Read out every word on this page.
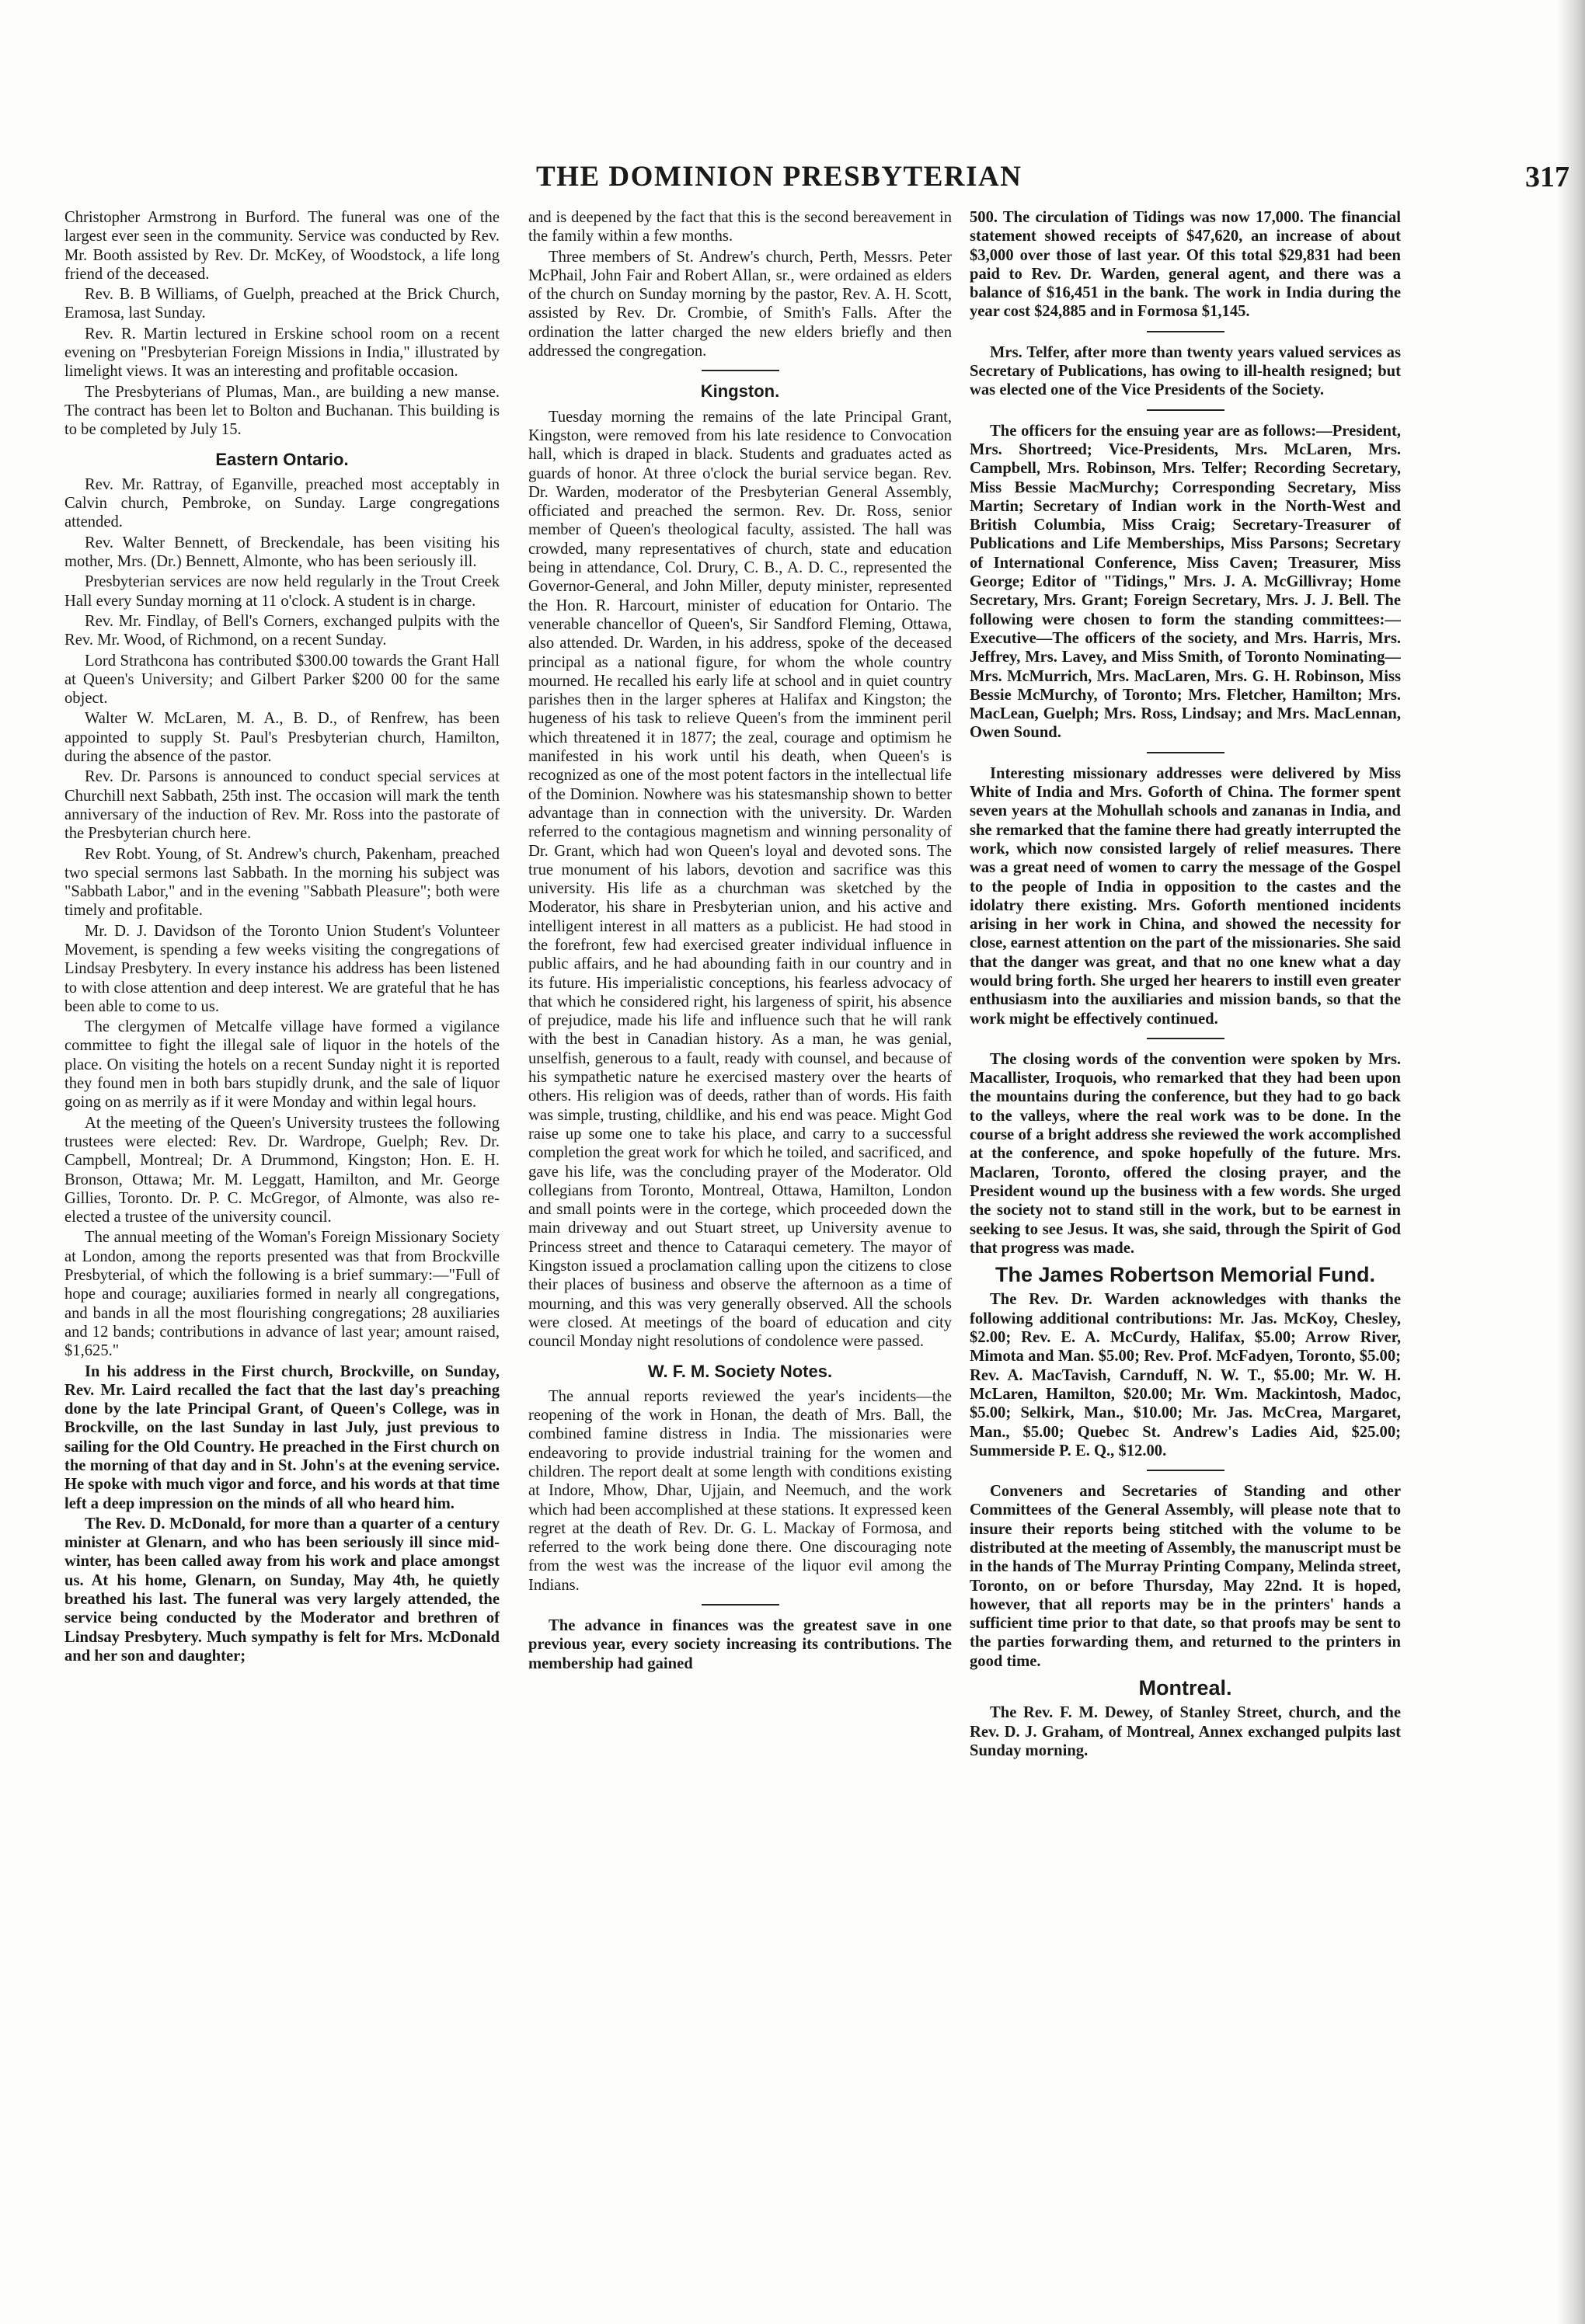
THE DOMINION PRESBYTERIAN	317

Christopher Armstrong in Burford. The funeral was one of the largest ever seen in the community. Service was conducted by Rev. Mr. Booth assisted by Rev. Dr. McKey, of Woodstock, a life long friend of the deceased.

Rev. B. B Williams, of Guelph, preached at the Brick Church, Eramosa, last Sunday.

Rev. R. Martin lectured in Erskine school room on a recent evening on "Presbyterian Foreign Missions in India," illustrated by limelight views. It was an interesting and profitable occasion.

The Presbyterians of Plumas, Man., are building a new manse. The contract has been let to Bolton and Buchanan. This building is to be completed by July 15.

Eastern Ontario.

Rev. Mr. Rattray, of Eganville, preached most acceptably in Calvin church, Pembroke, on Sunday. Large congregations attended.

Rev. Walter Bennett, of Breckendale, has been visiting his mother, Mrs. (Dr.) Bennett, Almonte, who has been seriously ill.

Presbyterian services are now held regularly in the Trout Creek Hall every Sunday morning at 11 o'clock. A student is in charge.

Rev. Mr. Findlay, of Bell's Corners, exchanged pulpits with the Rev. Mr. Wood, of Richmond, on a recent Sunday.

Lord Strathcona has contributed $300.00 towards the Grant Hall at Queen's University; and Gilbert Parker $200 00 for the same object.

Walter W. McLaren, M. A., B. D., of Renfrew, has been appointed to supply St. Paul's Presbyterian church, Hamilton, during the absence of the pastor.

Rev. Dr. Parsons is announced to conduct special services at Churchill next Sabbath, 25th inst. The occasion will mark the tenth anniversary of the induction of Rev. Mr. Ross into the pastorate of the Presbyterian church here.

Rev Robt. Young, of St. Andrew's church, Pakenham, preached two special sermons last Sabbath. In the morning his subject was "Sabbath Labor," and in the evening "Sabbath Pleasure"; both were timely and profitable.

Mr. D. J. Davidson of the Toronto Union Student's Volunteer Movement, is spending a few weeks visiting the congregations of Lindsay Presbytery. In every instance his address has been listened to with close attention and deep interest. We are grateful that he has been able to come to us.

The clergymen of Metcalfe village have formed a vigilance committee to fight the illegal sale of liquor in the hotels of the place. On visiting the hotels on a recent Sunday night it is reported they found men in both bars stupidly drunk, and the sale of liquor going on as merrily as if it were Monday and within legal hours.

At the meeting of the Queen's University trustees the following trustees were elected: Rev. Dr. Wardrope, Guelph; Rev. Dr. Campbell, Montreal; Dr. A Drummond, Kingston; Hon. E. H. Bronson, Ottawa; Mr. M. Leggatt, Hamilton, and Mr. George Gillies, Toronto. Dr. P. C. McGregor, of Almonte, was also re-elected a trustee of the university council.

The annual meeting of the Woman's Foreign Missionary Society at London, among the reports presented was that from Brockville Presbyterial, of which the following is a brief summary:—"Full of hope and courage; auxiliaries formed in nearly all congregations, and bands in all the most flourishing congregations; 28 auxiliaries and 12 bands; contributions in advance of last year; amount raised, $1,625."

In his address in the First church, Brockville, on Sunday, Rev. Mr. Laird recalled the fact that the last day's preaching done by the late Principal Grant, of Queen's College, was in Brockville, on the last Sunday in last July, just previous to sailing for the Old Country. He preached in the First church on the morning of that day and in St. John's at the evening service. He spoke with much vigor and force, and his words at that time left a deep impression on the minds of all who heard him.

The Rev. D. McDonald, for more than a quarter of a century minister at Glenarn, and who has been seriously ill since mid-winter, has been called away from his work and place amongst us. At his home, Glenarn, on Sunday, May 4th, he quietly breathed his last. The funeral was very largely attended, the service being conducted by the Moderator and brethren of Lindsay Presbytery. Much sympathy is felt for Mrs. McDonald and her son and daughter;

and is deepened by the fact that this is the second bereavement in the family within a few months.

Three members of St. Andrew's church, Perth, Messrs. Peter McPhail, John Fair and Robert Allan, sr., were ordained as elders of the church on Sunday morning by the pastor, Rev. A. H. Scott, assisted by Rev. Dr. Crombie, of Smith's Falls. After the ordination the latter charged the new elders briefly and then addressed the congregation.

Kingston.

Tuesday morning the remains of the late Principal Grant, Kingston, were removed from his late residence to Convocation hall, which is draped in black. Students and graduates acted as guards of honor. At three o'clock the burial service began. Rev. Dr. Warden, moderator of the Presbyterian General Assembly, officiated and preached the sermon. Rev. Dr. Ross, senior member of Queen's theological faculty, assisted. The hall was crowded, many representatives of church, state and education being in attendance, Col. Drury, C. B., A. D. C., represented the Governor-General, and John Miller, deputy minister, represented the Hon. R. Harcourt, minister of education for Ontario. The venerable chancellor of Queen's, Sir Sandford Fleming, Ottawa, also attended. Dr. Warden, in his address, spoke of the deceased principal as a national figure, for whom the whole country mourned. He recalled his early life at school and in quiet country parishes then in the larger spheres at Halifax and Kingston; the hugeness of his task to relieve Queen's from the imminent peril which threatened it in 1877; the zeal, courage and optimism he manifested in his work until his death, when Queen's is recognized as one of the most potent factors in the intellectual life of the Dominion. Nowhere was his statesmanship shown to better advantage than in connection with the university. Dr. Warden referred to the contagious magnetism and winning personality of Dr. Grant, which had won Queen's loyal and devoted sons. The true monument of his labors, devotion and sacrifice was this university. His life as a churchman was sketched by the Moderator, his share in Presbyterian union, and his active and intelligent interest in all matters as a publicist. He had stood in the forefront, few had exercised greater individual influence in public affairs, and he had abounding faith in our country and in its future. His imperialistic conceptions, his fearless advocacy of that which he considered right, his largeness of spirit, his absence of prejudice, made his life and influence such that he will rank with the best in Canadian history. As a man, he was genial, unselfish, generous to a fault, ready with counsel, and because of his sympathetic nature he exercised mastery over the hearts of others. His religion was of deeds, rather than of words. His faith was simple, trusting, childlike, and his end was peace. Might God raise up some one to take his place, and carry to a successful completion the great work for which he toiled, and sacrificed, and gave his life, was the concluding prayer of the Moderator. Old collegians from Toronto, Montreal, Ottawa, Hamilton, London and small points were in the cortege, which proceeded down the main driveway and out Stuart street, up University avenue to Princess street and thence to Cataraqui cemetery. The mayor of Kingston issued a proclamation calling upon the citizens to close their places of business and observe the afternoon as a time of mourning, and this was very generally observed. All the schools were closed. At meetings of the board of education and city council Monday night resolutions of condolence were passed.

W. F. M. Society Notes.

The annual reports reviewed the year's incidents—the reopening of the work in Honan, the death of Mrs. Ball, the combined famine distress in India. The missionaries were endeavoring to provide industrial training for the women and children. The report dealt at some length with conditions existing at Indore, Mhow, Dhar, Ujjain, and Neemuch, and the work which had been accomplished at these stations. It expressed keen regret at the death of Rev. Dr. G. L. Mackay of Formosa, and referred to the work being done there. One discouraging note from the west was the increase of the liquor evil among the Indians.

The advance in finances was the greatest save in one previous year, every society increasing its contributions. The membership had gained

500. The circulation of Tidings was now 17,000. The financial statement showed receipts of $47,620, an increase of about $3,000 over those of last year. Of this total $29,831 had been paid to Rev. Dr. Warden, general agent, and there was a balance of $16,451 in the bank. The work in India during the year cost $24,885 and in Formosa $1,145.

Mrs. Telfer, after more than twenty years valued services as Secretary of Publications, has owing to ill-health resigned; but was elected one of the Vice Presidents of the Society.

The officers for the ensuing year are as follows:—President, Mrs. Shortreed; Vice-Presidents, Mrs. McLaren, Mrs. Campbell, Mrs. Robinson, Mrs. Telfer; Recording Secretary, Miss Bessie MacMurchy; Corresponding Secretary, Miss Martin; Secretary of Indian work in the North-West and British Columbia, Miss Craig; Secretary-Treasurer of Publications and Life Memberships, Miss Parsons; Secretary of International Conference, Miss Caven; Treasurer, Miss George; Editor of "Tidings," Mrs. J. A. McGillivray; Home Secretary, Mrs. Grant; Foreign Secretary, Mrs. J. J. Bell. The following were chosen to form the standing committees:—Executive—The officers of the society, and Mrs. Harris, Mrs. Jeffrey, Mrs. Lavey, and Miss Smith, of Toronto Nominating—Mrs. McMurrich, Mrs. MacLaren, Mrs. G. H. Robinson, Miss Bessie McMurchy, of Toronto; Mrs. Fletcher, Hamilton; Mrs. MacLean, Guelph; Mrs. Ross, Lindsay; and Mrs. MacLennan, Owen Sound.

Interesting missionary addresses were delivered by Miss White of India and Mrs. Goforth of China. The former spent seven years at the Mohullah schools and zananas in India, and she remarked that the famine there had greatly interrupted the work, which now consisted largely of relief measures. There was a great need of women to carry the message of the Gospel to the people of India in opposition to the castes and the idolatry there existing. Mrs. Goforth mentioned incidents arising in her work in China, and showed the necessity for close, earnest attention on the part of the missionaries. She said that the danger was great, and that no one knew what a day would bring forth. She urged her hearers to instill even greater enthusiasm into the auxiliaries and mission bands, so that the work might be effectively continued.

The closing words of the convention were spoken by Mrs. Macallister, Iroquois, who remarked that they had been upon the mountains during the conference, but they had to go back to the valleys, where the real work was to be done. In the course of a bright address she reviewed the work accomplished at the conference, and spoke hopefully of the future. Mrs. Maclaren, Toronto, offered the closing prayer, and the President wound up the business with a few words. She urged the society not to stand still in the work, but to be earnest in seeking to see Jesus. It was, she said, through the Spirit of God that progress was made.

The James Robertson Memorial Fund.

The Rev. Dr. Warden acknowledges with thanks the following additional contributions: Mr. Jas. McKoy, Chesley, $2.00; Rev. E. A. McCurdy, Halifax, $5.00; Arrow River, Mimota and Man. $5.00; Rev. Prof. McFadyen, Toronto, $5.00; Rev. A. MacTavish, Carnduff, N. W. T., $5.00; Mr. W. H. McLaren, Hamilton, $20.00; Mr. Wm. Mackintosh, Madoc, $5.00; Selkirk, Man., $10.00; Mr. Jas. McCrea, Margaret, Man., $5.00; Quebec St. Andrew's Ladies Aid, $25.00; Summerside P. E. Q., $12.00.

Conveners and Secretaries of Standing and other Committees of the General Assembly, will please note that to insure their reports being stitched with the volume to be distributed at the meeting of Assembly, the manuscript must be in the hands of The Murray Printing Company, Melinda street, Toronto, on or before Thursday, May 22nd. It is hoped, however, that all reports may be in the printers' hands a sufficient time prior to that date, so that proofs may be sent to the parties forwarding them, and returned to the printers in good time.

Montreal.

The Rev. F. M. Dewey, of Stanley Street, church, and the Rev. D. J. Graham, of Montreal, Annex exchanged pulpits last Sunday morning.
